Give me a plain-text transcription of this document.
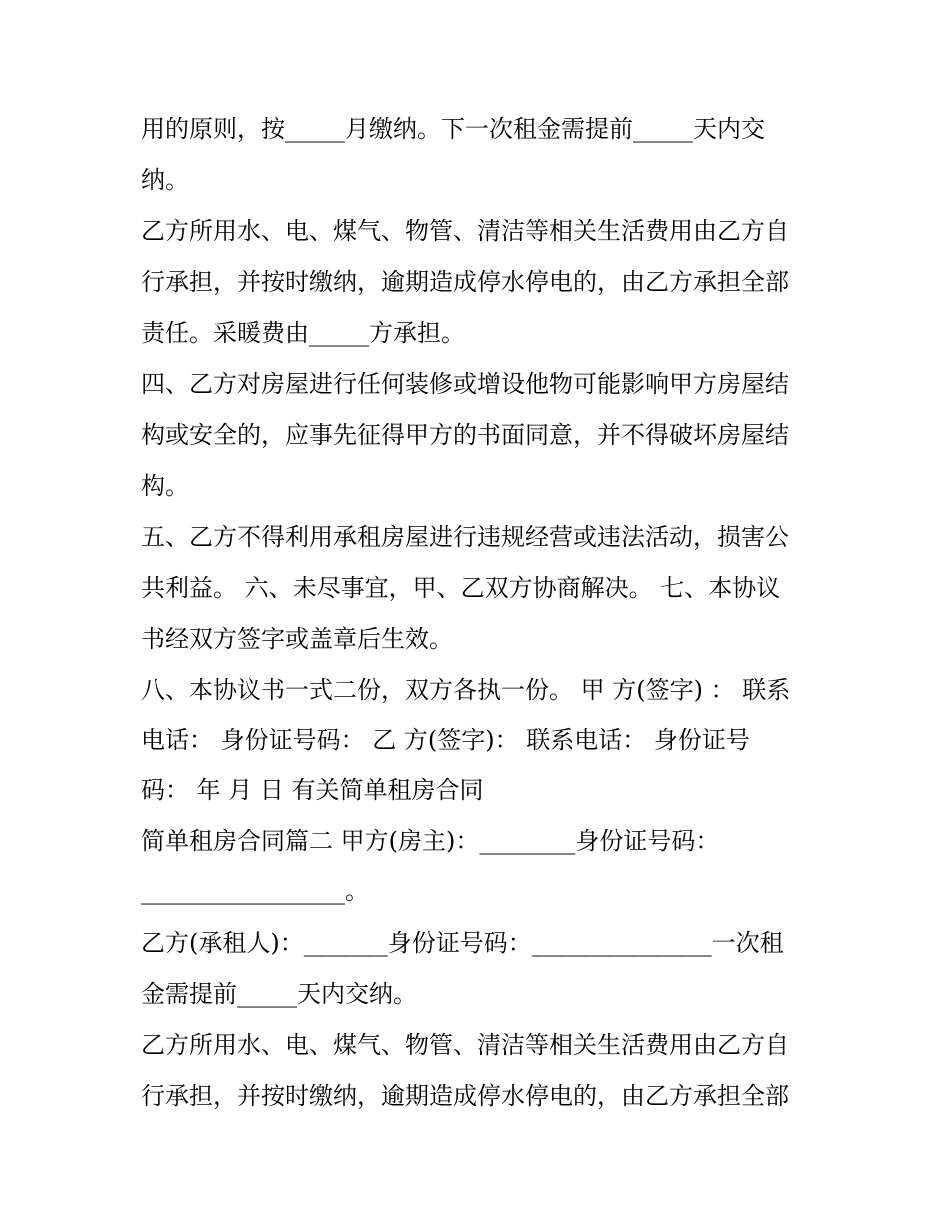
用的原则，按_____月缴纳。下一次租金需提前_____天内交
纳。
乙方所用水、电、煤气、物管、清洁等相关生活费用由乙方自
行承担，并按时缴纳，逾期造成停水停电的，由乙方承担全部
责任。采暖费由_____方承担。
四、乙方对房屋进行任何装修或增设他物可能影响甲方房屋结
构或安全的，应事先征得甲方的书面同意，并不得破坏房屋结
构。
五、乙方不得利用承租房屋进行违规经营或违法活动，损害公
共利益。 六、未尽事宜，甲、乙双方协商解决。 七、本协议
书经双方签字或盖章后生效。
八、本协议书一式二份，双方各执一份。 甲 方(签字) ： 联系
电话： 身份证号码： 乙 方(签字)： 联系电话： 身份证号
码： 年 月 日 有关简单租房合同
简单租房合同篇二 甲方(房主)：________身份证号码：
_________________。
乙方(承租人)：_______身份证号码：_______________一次租
金需提前_____天内交纳。
乙方所用水、电、煤气、物管、清洁等相关生活费用由乙方自
行承担，并按时缴纳，逾期造成停水停电的，由乙方承担全部
